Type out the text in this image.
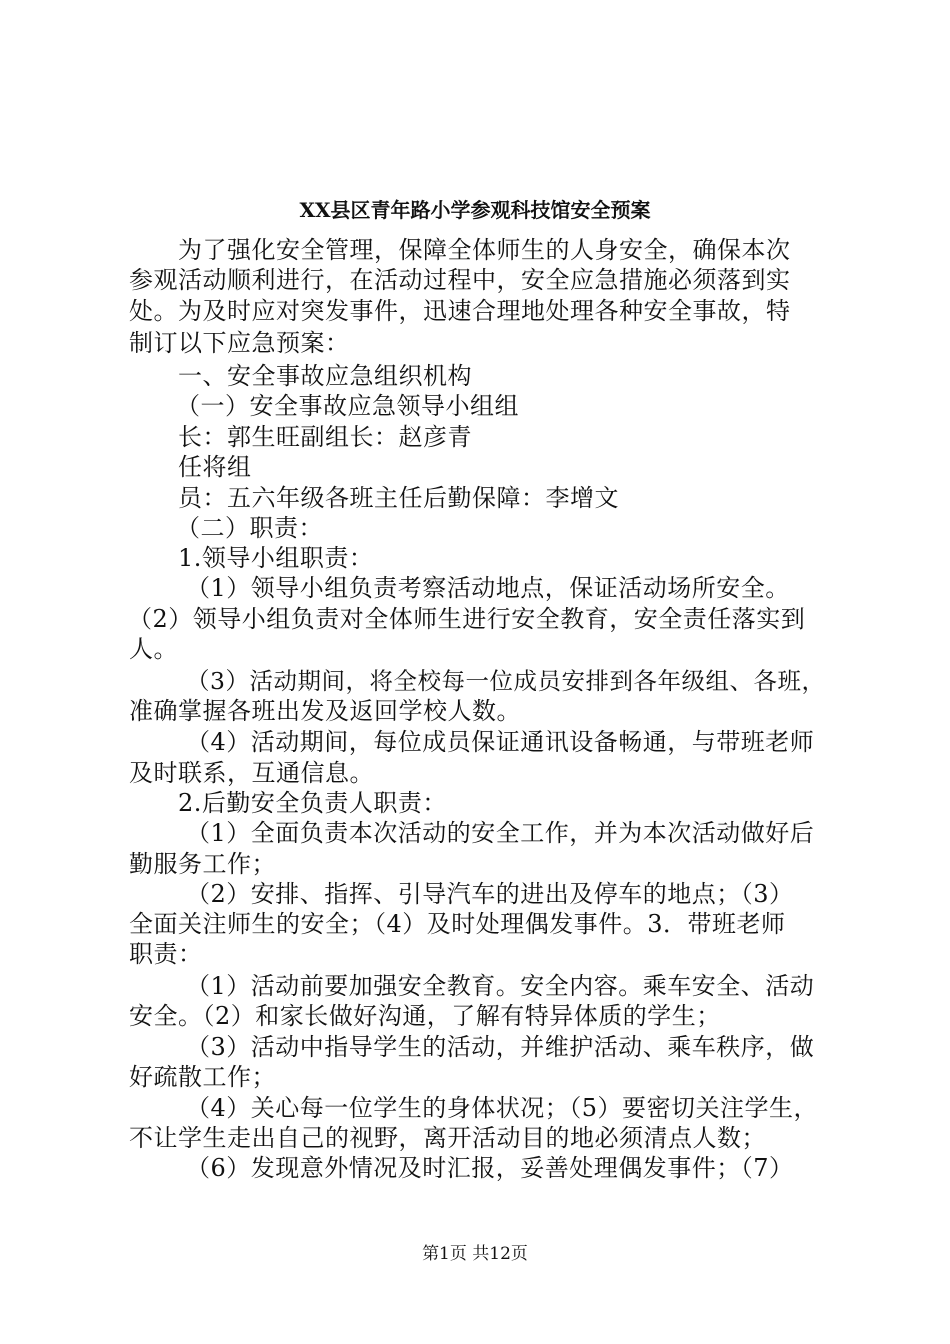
XX县区青年路小学参观科技馆安全预案
为了强化安全管理，保障全体师生的人身安全，确保本次
参观活动顺利进行，在活动过程中，安全应急措施必须落到实
处。为及时应对突发事件，迅速合理地处理各种安全事故，特
制订以下应急预案：
一、安全事故应急组织机构
（一）安全事故应急领导小组组
长：郭生旺副组长：赵彦青
任将组
员：五六年级各班主任后勤保障：李增文
（二）职责：
1.领导小组职责：
（1）领导小组负责考察活动地点，保证活动场所安全。
（2）领导小组负责对全体师生进行安全教育，安全责任落实到
人。
（3）活动期间，将全校每一位成员安排到各年级组、各班，
准确掌握各班出发及返回学校人数。
（4）活动期间，每位成员保证通讯设备畅通，与带班老师
及时联系，互通信息。
2.后勤安全负责人职责：
（1）全面负责本次活动的安全工作，并为本次活动做好后
勤服务工作；
（2）安排、指挥、引导汽车的进出及停车的地点；（3）
全面关注师生的安全；（4）及时处理偶发事件。3．带班老师
职责：
（1）活动前要加强安全教育。安全内容。乘车安全、活动
安全。（2）和家长做好沟通，了解有特异体质的学生；
（3）活动中指导学生的活动，并维护活动、乘车秩序，做
好疏散工作；
（4）关心每一位学生的身体状况；（5）要密切关注学生，
不让学生走出自己的视野，离开活动目的地必须清点人数；
（6）发现意外情况及时汇报，妥善处理偶发事件；（7）
第1页 共12页
